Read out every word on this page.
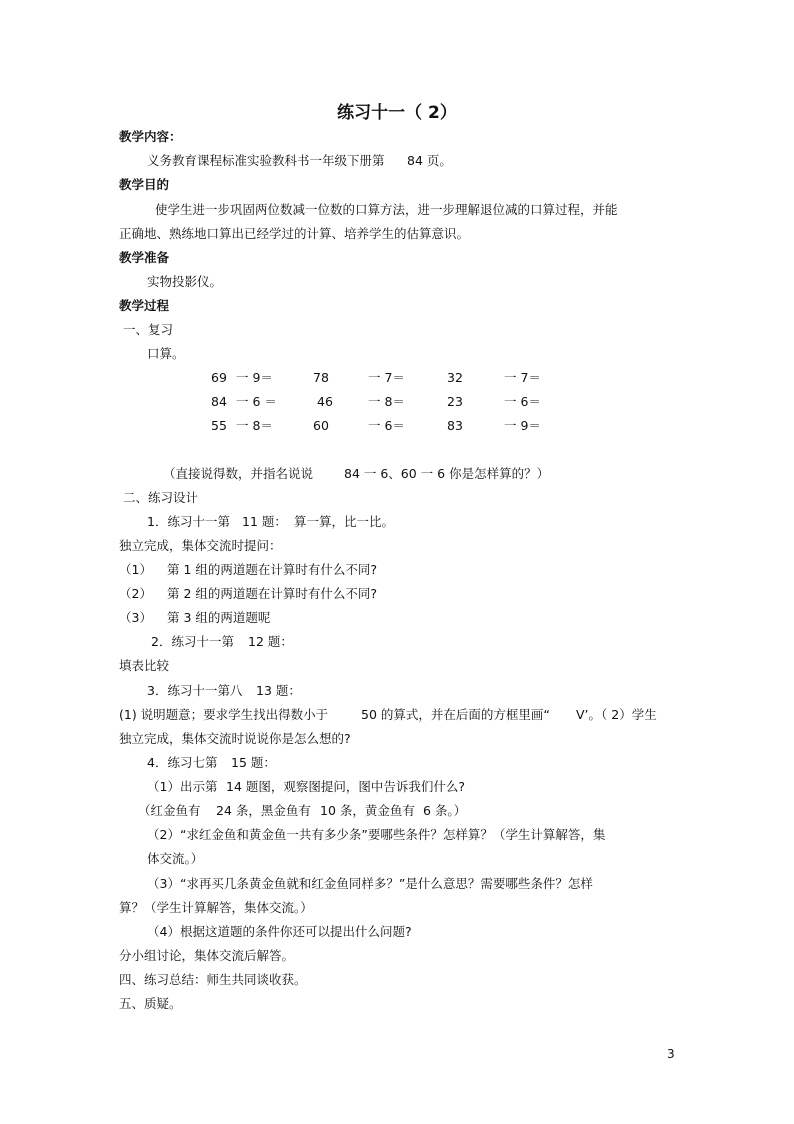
练习十一（ 2）
教学内容：
义务教育课程标准实验教科书一年级下册第 84 页。
教学目的
使学生进一步巩固两位数减一位数的口算方法，进一步理解退位减的口算过程，并能
正确地、熟练地口算出已经学过的计算、培养学生的估算意识。
教学准备
实物投影仪。
教学过程
一、复习
口算。
69 一 9＝	78	一 7＝	32	一 7＝
84 一 6 ＝	46	一 8＝	23	一 6＝
55 一 8＝	60	一 6＝	83	一 9＝
（直接说得数，并指名说说 84 一 6、60 一 6 你是怎样算的？）
二、练习设计
1．练习十一第 11 题： 算一算，比一比。
独立完成，集体交流时提问：
（1） 第 1 组的两道题在计算时有什么不同?
（2） 第 2 组的两道题在计算时有什么不同?
（3） 第 3 组的两道题呢
2．练习十一第 12 题：
填表比较
3．练习十一第八 13 题：
(1) 说明题意；要求学生找出得数小于	50 的算式，并在后面的方框里画“ V’。（ 2）学生
独立完成，集体交流时说说你是怎么想的?
4．练习七第 15 题：
（1）出示第 14 题图，观察图提问，图中告诉我们什么?
（红金鱼有 24 条，黑金鱼有 10 条，黄金鱼有 6 条。）
（2）“求红金鱼和黄金鱼一共有多少条”要哪些条件？怎样算？（学生计算解答，集
体交流。）
（3）“求再买几条黄金鱼就和红金鱼同样多？”是什么意思？需要哪些条件？怎样
算？（学生计算解答，集体交流。）
（4）根据这道题的条件你还可以提出什么问题?
分小组讨论，集体交流后解答。
四、练习总结：师生共同谈收获。
五、质疑。
3
